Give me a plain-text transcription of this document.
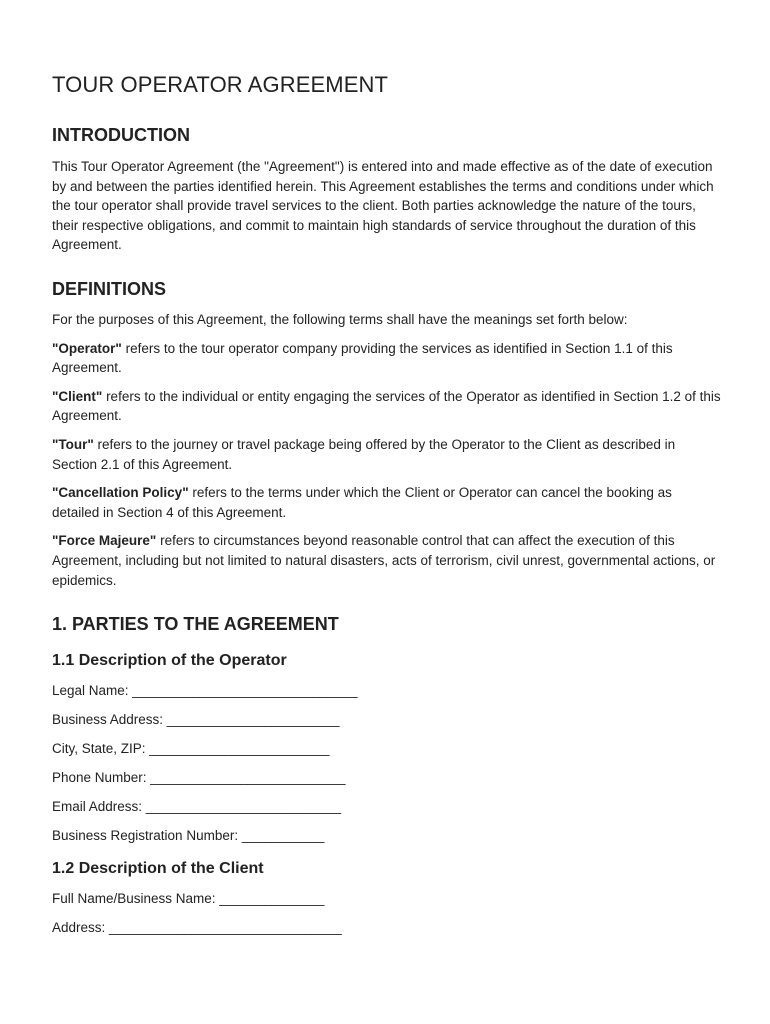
TOUR OPERATOR AGREEMENT
INTRODUCTION

This Tour Operator Agreement (the "Agreement") is entered into and made effective as of the date of execution by and between the parties identified herein. This Agreement establishes the terms and conditions under which the tour operator shall provide travel services to the client. Both parties acknowledge the nature of the tours, their respective obligations, and commit to maintain high standards of service throughout the duration of this Agreement.

DEFINITIONS

For the purposes of this Agreement, the following terms shall have the meanings set forth below:

"Operator" refers to the tour operator company providing the services as identified in Section 1.1 of this Agreement.

"Client" refers to the individual or entity engaging the services of the Operator as identified in Section 1.2 of this Agreement.

"Tour" refers to the journey or travel package being offered by the Operator to the Client as described in Section 2.1 of this Agreement.

"Cancellation Policy" refers to the terms under which the Client or Operator can cancel the booking as detailed in Section 4 of this Agreement.

"Force Majeure" refers to circumstances beyond reasonable control that can affect the execution of this Agreement, including but not limited to natural disasters, acts of terrorism, civil unrest, governmental actions, or epidemics.

1. PARTIES TO THE AGREEMENT
1.1 Description of the Operator

Legal Name: ______________________________

Business Address: _______________________

City, State, ZIP: ________________________

Phone Number: __________________________

Email Address: __________________________

Business Registration Number: ___________

1.2 Description of the Client

Full Name/Business Name: ______________

Address: _______________________________
